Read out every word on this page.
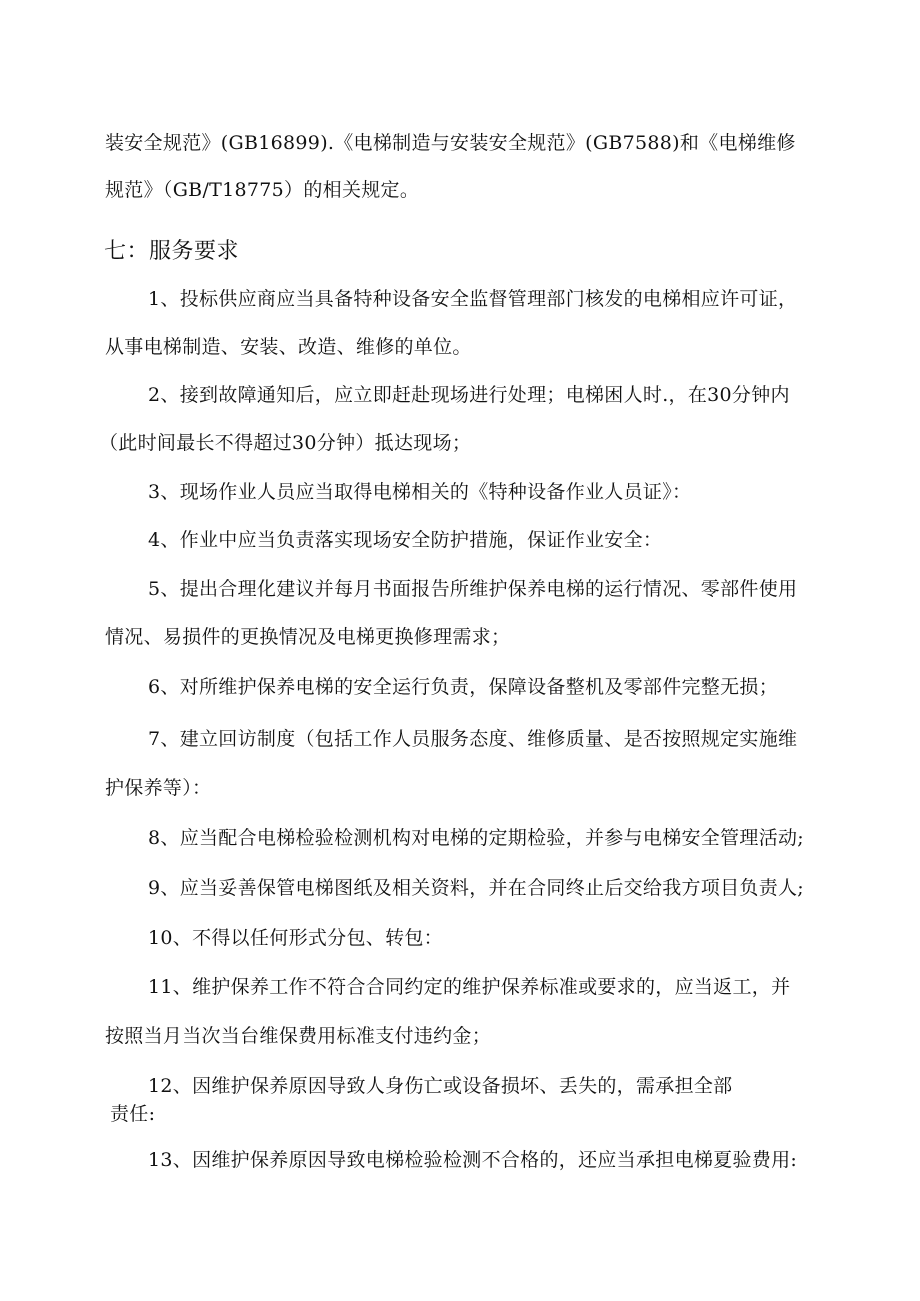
装安全规范》(GB16899).《电梯制造与安装安全规范》(GB7588)和《电梯维修
规范》（GB/T18775）的相关规定。
七：服务要求
1、投标供应商应当具备特种设备安全监督管理部门核发的电梯相应许可证，
从事电梯制造、安装、改造、维修的单位。
2、接到故障通知后，应立即赶赴现场进行处理；电梯困人时.，在30分钟内
（此时间最长不得超过30分钟）抵达现场；
3、现场作业人员应当取得电梯相关的《特种设备作业人员证》：
4、作业中应当负责落实现场安全防护措施，保证作业安全：
5、提出合理化建议并每月书面报告所维护保养电梯的运行情况、零部件使用
情况、易损件的更换情况及电梯更换修理需求；
6、对所维护保养电梯的安全运行负责，保障设备整机及零部件完整无损；
7、建立回访制度（包括工作人员服务态度、维修质量、是否按照规定实施维
护保养等）：
8、应当配合电梯检验检测机构对电梯的定期检验，并参与电梯安全管理活动;
9、应当妥善保管电梯图纸及相关资料，并在合同终止后交给我方项目负责人;
10、不得以任何形式分包、转包：
11、维护保养工作不符合合同约定的维护保养标准或要求的，应当返工，并
按照当月当次当台维保费用标准支付违约金；
12、因维护保养原因导致人身伤亡或设备损坏、丢失的，需承担全部
责任:
13、因维护保养原因导致电梯检验检测不合格的，还应当承担电梯夏验费用:
